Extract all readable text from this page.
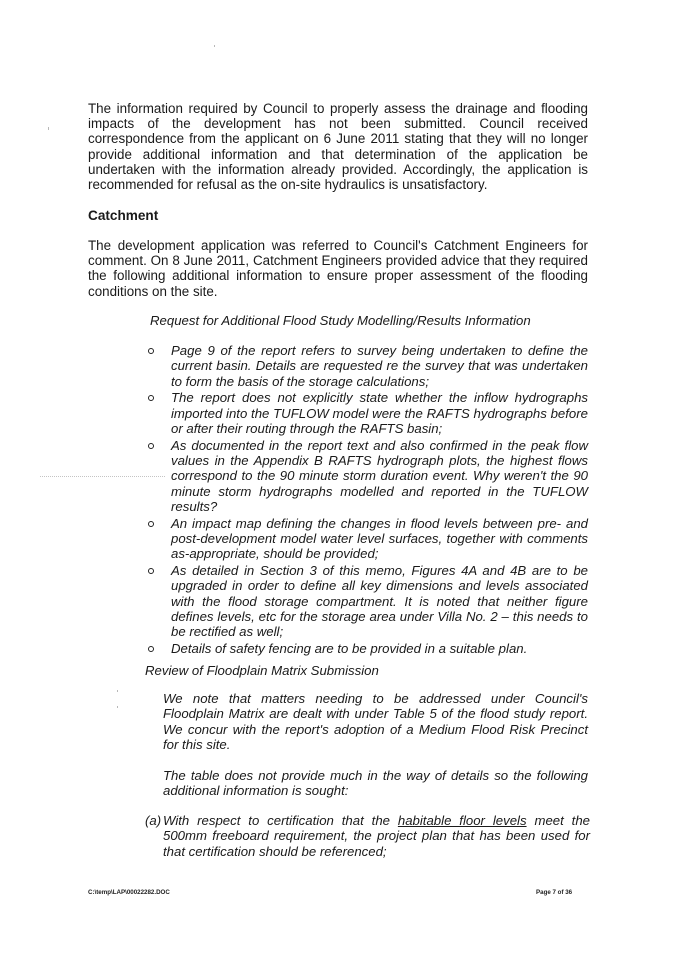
The information required by Council to properly assess the drainage and flooding impacts of the development has not been submitted. Council received correspondence from the applicant on 6 June 2011 stating that they will no longer provide additional information and that determination of the application be undertaken with the information already provided. Accordingly, the application is recommended for refusal as the on-site hydraulics is unsatisfactory.

Catchment

The development application was referred to Council's Catchment Engineers for comment. On 8 June 2011, Catchment Engineers provided advice that they required the following additional information to ensure proper assessment of the flooding conditions on the site.

Request for Additional Flood Study Modelling/Results Information

Page 9 of the report refers to survey being undertaken to define the current basin. Details are requested re the survey that was undertaken to form the basis of the storage calculations;
The report does not explicitly state whether the inflow hydrographs imported into the TUFLOW model were the RAFTS hydrographs before or after their routing through the RAFTS basin;
As documented in the report text and also confirmed in the peak flow values in the Appendix B RAFTS hydrograph plots, the highest flows correspond to the 90 minute storm duration event. Why weren't the 90 minute storm hydrographs modelled and reported in the TUFLOW results?
An impact map defining the changes in flood levels between pre- and post-development model water level surfaces, together with comments as-appropriate, should be provided;
As detailed in Section 3 of this memo, Figures 4A and 4B are to be upgraded in order to define all key dimensions and levels associated with the flood storage compartment. It is noted that neither figure defines levels, etc for the storage area under Villa No. 2 – this needs to be rectified as well;
Details of safety fencing are to be provided in a suitable plan.

Review of Floodplain Matrix Submission

We note that matters needing to be addressed under Council's Floodplain Matrix are dealt with under Table 5 of the flood study report. We concur with the report's adoption of a Medium Flood Risk Precinct for this site.

The table does not provide much in the way of details so the following additional information is sought:

(a) With respect to certification that the habitable floor levels meet the 500mm freeboard requirement, the project plan that has been used for that certification should be referenced;

C:\temp\LAP\00022282.DOC	Page 7 of 36
